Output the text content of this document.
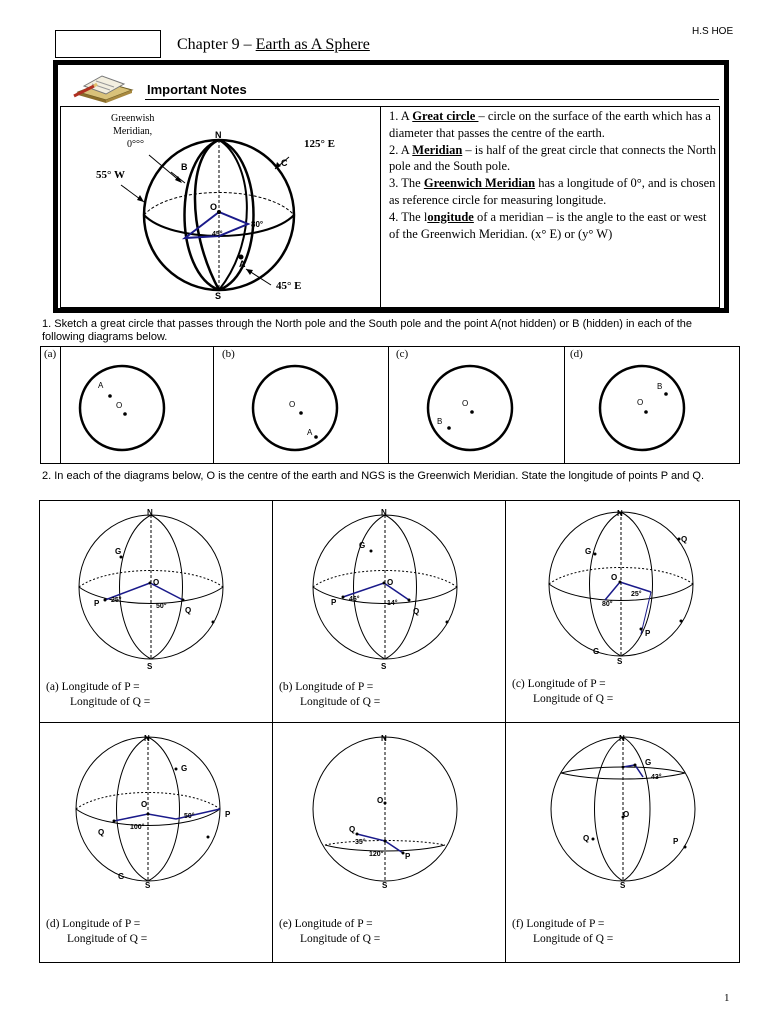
Chapter 9 – Earth as A Sphere
H.S HOE
Important Notes
N
S
O
A
B	C
80°
45°
Greenwish
Meridian,
0°°°
55° W
125° E
45° E

1. A Great circle – circle on the surface of the earth which has a diameter that passes the centre of the earth.

2. A Meridian – is half of the great circle that connects the North pole and the South pole.

3. The Greenwich Meridian has a longitude of 0°, and is chosen as reference circle for measuring longitude.

4. The longitude of a meridian – is the angle to the east or west of the Greenwich Meridian. (x° E) or (y° W)

1. Sketch a great circle that passes through the North pole and the South pole and the point A(not hidden) or B (hidden) in each of the following diagrams below.
(a)	(b)	(c)	(d)
A
O	O
A
O
B
B
O
2. In each of the diagrams below, O is the centre of the earth and NGS is the Greenwich Meridian. State the longitude of points P and Q.
(a) Longitude of P =
Longitude of Q =
(b) Longitude of P =
Longitude of Q =
(c) Longitude of P =
Longitude of Q =
(d) Longitude of P =
Longitude of Q =
(e) Longitude of P =
Longitude of Q =
(f) Longitude of P =
Longitude of Q =
N
S
O
G
P
Q
25°
50°
N
S
O
G
P
Q
46°
14°
N
S
O
G
G
P
Q
80°
25°
N
S
O
G
G
P
Q
100°
50°
N
S
O
P
Q
35°
120°
N
S
O
G
P
Q
43°
1
